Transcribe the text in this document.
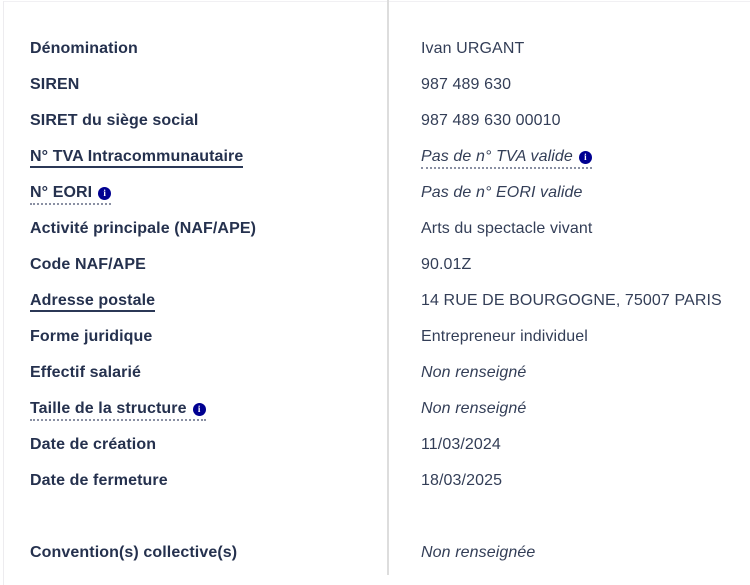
Dénomination	Ivan URGANT
SIREN	987 489 630
SIRET du siège social	987 489 630 00010
N° TVA Intracommunautaire	Pas de n° TVA valide i
N° EORI i	Pas de n° EORI valide
Activité principale (NAF/APE)	Arts du spectacle vivant
Code NAF/APE	90.01Z
Adresse postale	14 RUE DE BOURGOGNE, 75007 PARIS
Forme juridique	Entrepreneur individuel
Effectif salarié	Non renseigné
Taille de la structure i	Non renseigné
Date de création	11/03/2024
Date de fermeture	18/03/2025
Convention(s) collective(s)	Non renseignée
